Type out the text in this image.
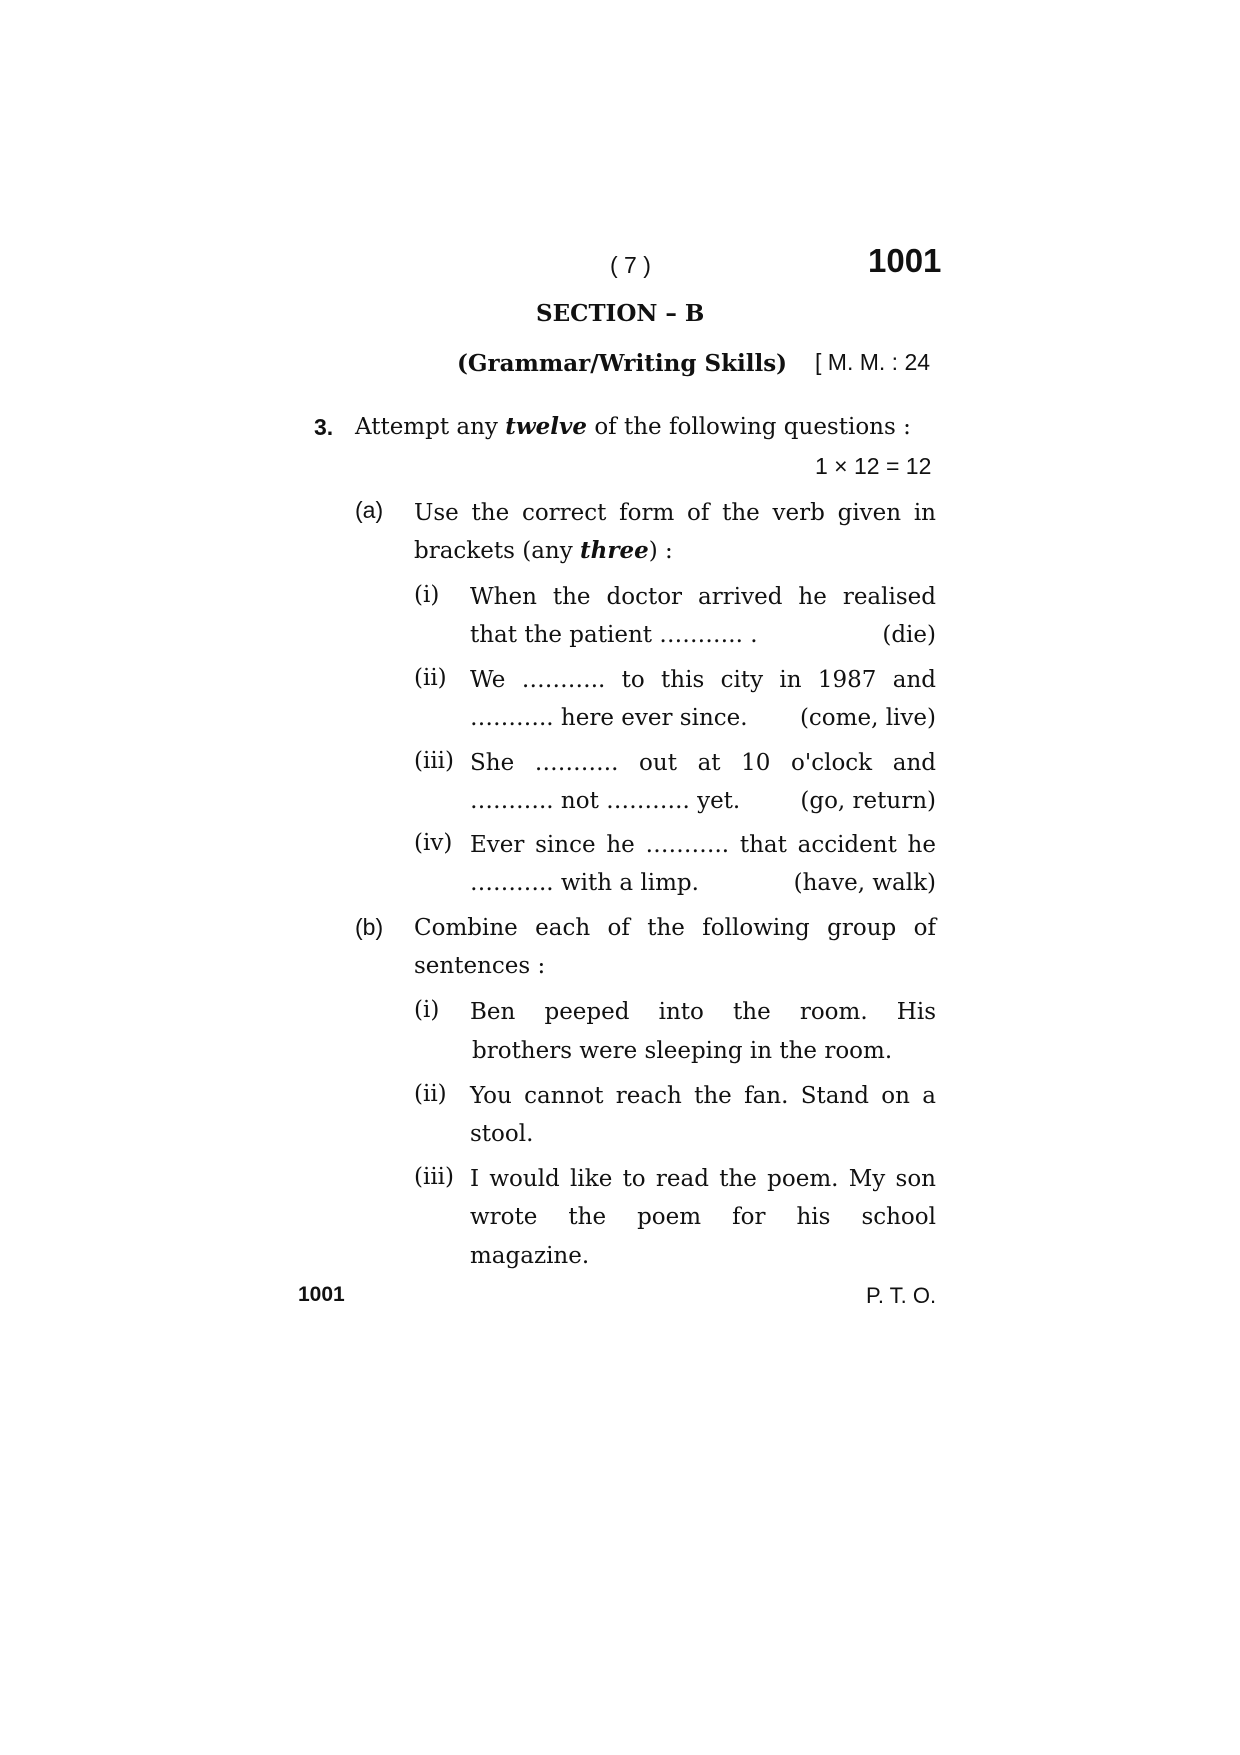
( 7 )	1001
SECTION – B
(Grammar/Writing Skills) [ M. M. : 24
3. Attempt any twelve of the following questions :
1 × 12 = 12
(a) Use the correct form of the verb given in brackets (any three) :
(i) When the doctor arrived he realised
that the patient ……….. .	(die)
(ii) We ……….. to this city in 1987 and
……….. here ever since. (come, live)
(iii) She ……….. out at 10 o'clock and
……….. not ……….. yet.	(go, return)
(iv) Ever since he ……….. that accident he
……….. with a limp.	(have, walk)
(b) Combine each of the following group of sentences :
(i) Ben peeped into the room. His
brothers were sleeping in the room.
(ii) You cannot reach the fan. Stand on a
stool.
(iii) I would like to read the poem. My son
wrote the poem for his school
magazine.
1001	P. T. O.
